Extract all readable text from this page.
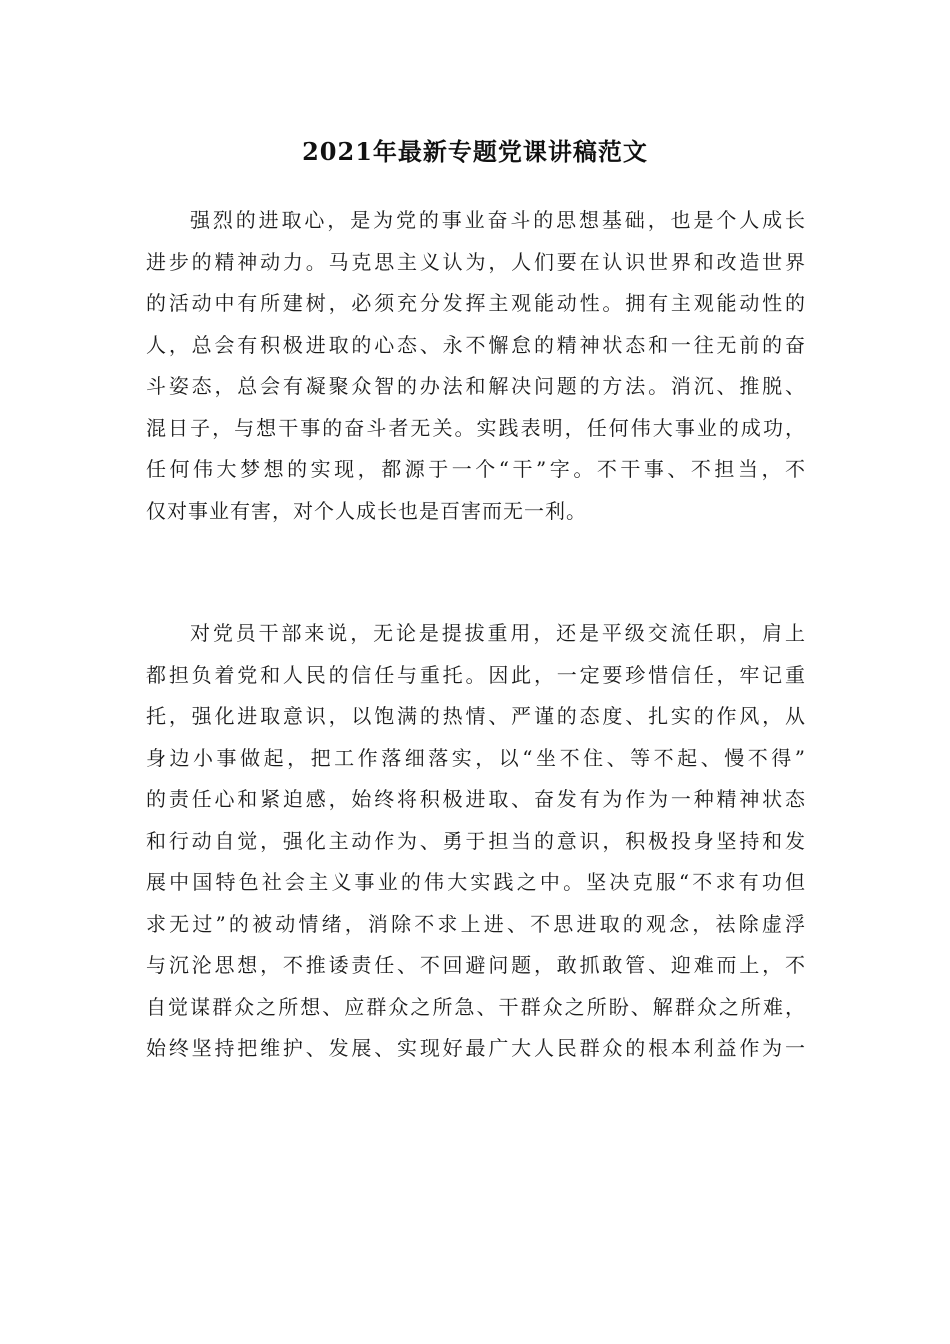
2021年最新专题党课讲稿范文
强烈的进取心，是为党的事业奋斗的思想基础，也是个人成长
进步的精神动力。马克思主义认为，人们要在认识世界和改造世界
的活动中有所建树，必须充分发挥主观能动性。拥有主观能动性的
人，总会有积极进取的心态、永不懈怠的精神状态和一往无前的奋
斗姿态，总会有凝聚众智的办法和解决问题的方法。消沉、推脱、
混日子，与想干事的奋斗者无关。实践表明，任何伟大事业的成功，
任何伟大梦想的实现，都源于一个“干”字。不干事、不担当，不
仅对事业有害，对个人成长也是百害而无一利。
对党员干部来说，无论是提拔重用，还是平级交流任职，肩上
都担负着党和人民的信任与重托。因此，一定要珍惜信任，牢记重
托，强化进取意识，以饱满的热情、严谨的态度、扎实的作风，从
身边小事做起，把工作落细落实，以“坐不住、等不起、慢不得”
的责任心和紧迫感，始终将积极进取、奋发有为作为一种精神状态
和行动自觉，强化主动作为、勇于担当的意识，积极投身坚持和发
展中国特色社会主义事业的伟大实践之中。坚决克服“不求有功但
求无过”的被动情绪，消除不求上进、不思进取的观念，祛除虚浮
与沉沦思想，不推诿责任、不回避问题，敢抓敢管、迎难而上，不
自觉谋群众之所想、应群众之所急、干群众之所盼、解群众之所难，
始终坚持把维护、发展、实现好最广大人民群众的根本利益作为一
